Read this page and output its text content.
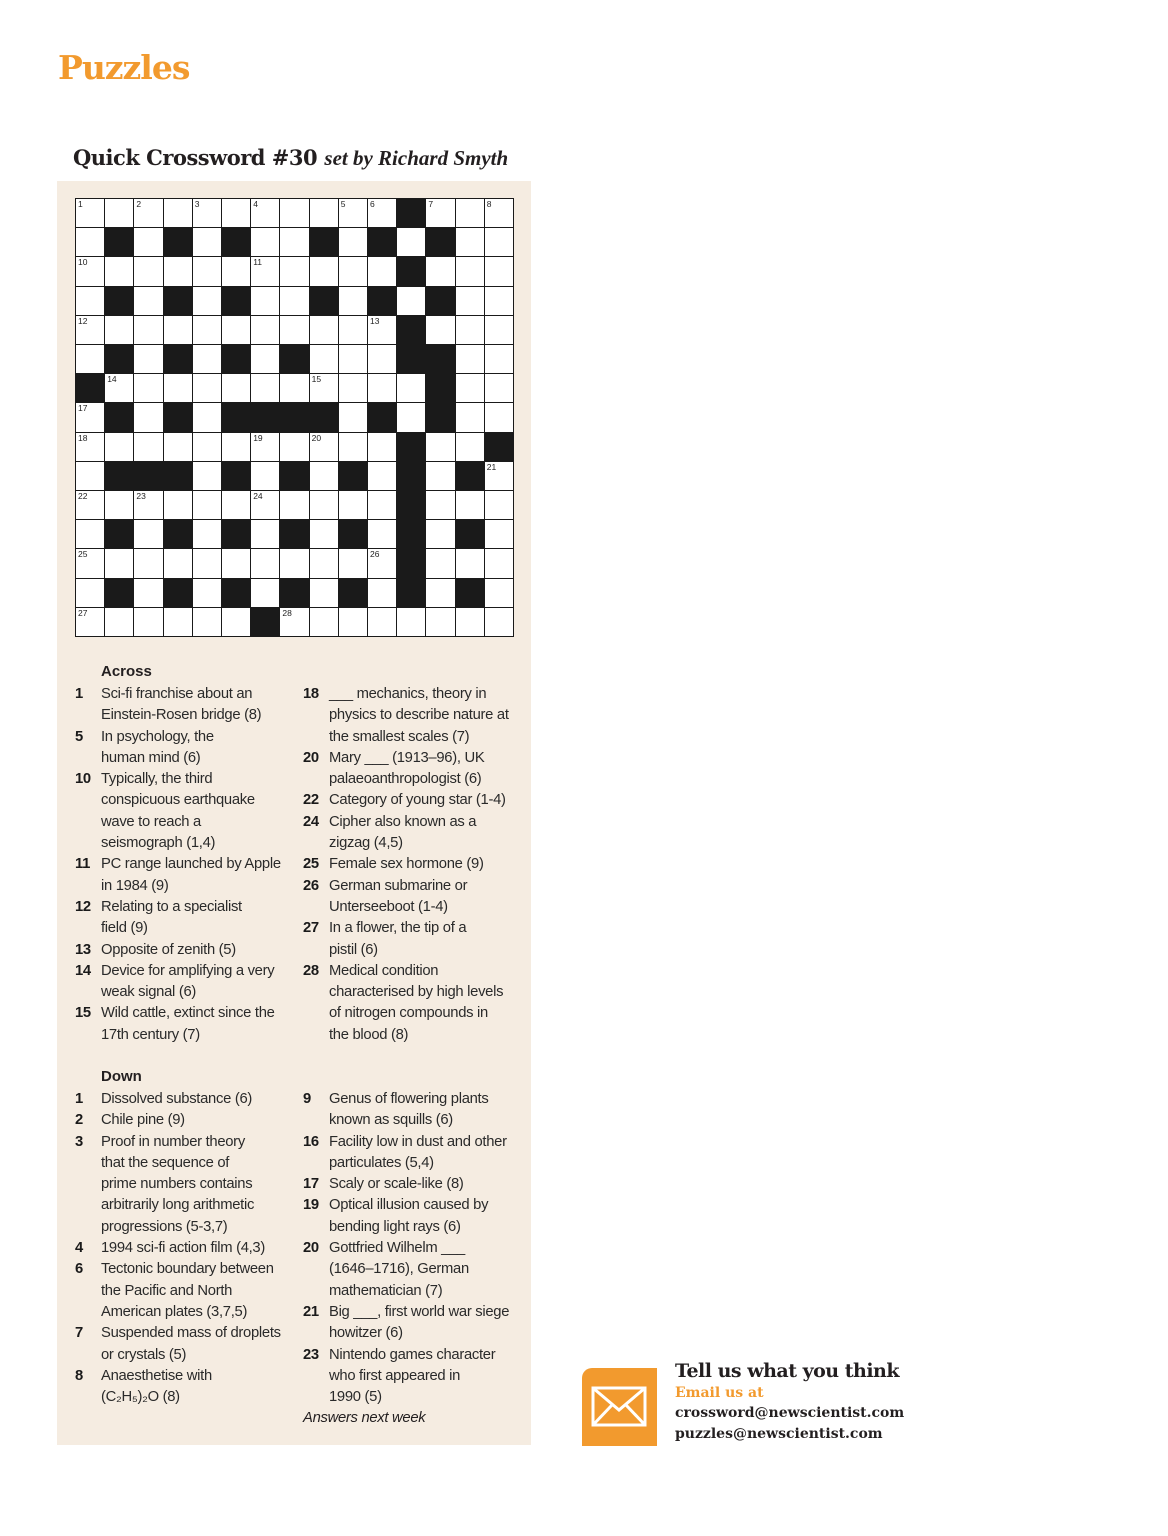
Puzzles
Quick Crossword #30 set by Richard Smyth
1	2	3	4	5	6	7	8
10	11
12	13
14	15
17
18	19	20
21
22	23	24
25	26
27	28
Across
1	Sci-fi franchise about an
Einstein-Rosen bridge (8)
5	In psychology, the
human mind (6)
10 Typically, the third
conspicuous earthquake
wave to reach a
seismograph (1,4)
11 PC range launched by Apple
in 1984 (9)
12 Relating to a specialist
field (9)
13 Opposite of zenith (5)
14 Device for amplifying a very
weak signal (6)
15 Wild cattle, extinct since the
17th century (7)
18 ___ mechanics, theory in
physics to describe nature at
the smallest scales (7)
20 Mary ___ (1913–96), UK
palaeoanthropologist (6)
22 Category of young star (1-4)
24 Cipher also known as a
zigzag (4,5)
25 Female sex hormone (9)
26 German submarine or
Unterseeboot (1-4)
27 In a flower, the tip of a
pistil (6)
28 Medical condition
characterised by high levels
of nitrogen compounds in
the blood (8)
Down
1	Dissolved substance (6)
2	Chile pine (9)
3	Proof in number theory
that the sequence of
prime numbers contains
arbitrarily long arithmetic
progressions (5-3,7)
4	1994 sci-fi action film (4,3)
6	Tectonic boundary between
the Pacific and North
American plates (3,7,5)
7	Suspended mass of droplets
or crystals (5)
8	Anaesthetise with
(C₂H₅)₂O (8)
9	Genus of flowering plants
known as squills (6)
16 Facility low in dust and other
particulates (5,4)
17 Scaly or scale-like (8)
19 Optical illusion caused by
bending light rays (6)
20 Gottfried Wilhelm ___
(1646–1716), German
mathematician (7)
21 Big ___, first world war siege
howitzer (6)
23 Nintendo games character
who first appeared in
1990 (5)
Answers next week

Tell us what you think

Email us at

crossword@newscientist.com

puzzles@newscientist.com
